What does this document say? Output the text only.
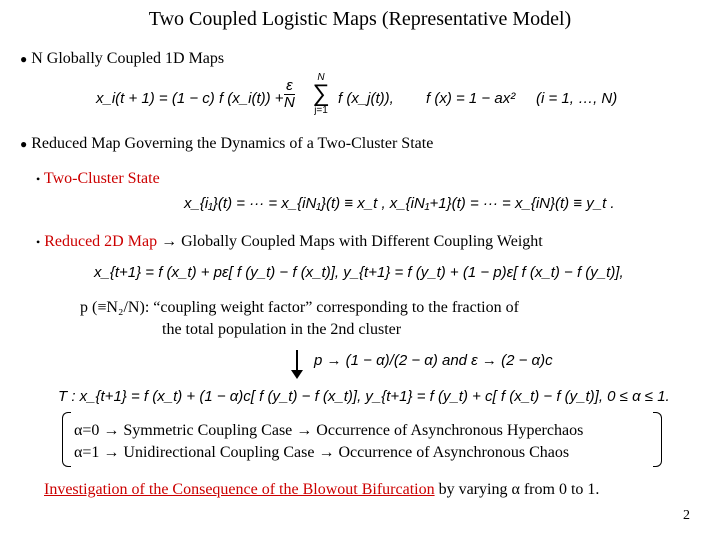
Two Coupled Logistic Maps (Representative Model)
● N Globally Coupled 1D Maps
x_i(t + 1) = (1 − c) f (x_i(t)) + $\frac{\varepsilon}{N}$
N
∑
j=1
f (x_j(t)), f (x) = 1 − ax² (i = 1, …, N)
● Reduced Map Governing the Dynamics of a Two-Cluster State
• Two-Cluster State
x_{i₁}(t) = ··· = x_{iN₁}(t) ≡ x_t , x_{iN₁+1}(t) = ··· = x_{iN}(t) ≡ y_t .
• Reduced 2D Map → Globally Coupled Maps with Different Coupling Weight
x_{t+1} = f (x_t) + pε[ f (y_t) − f (x_t)], y_{t+1} = f (y_t) + (1 − p)ε[ f (x_t) − f (y_t)],
p (≡N₂/N): “coupling weight factor” corresponding to the fraction of
the total population in the 2nd cluster
p → (1 − α)/(2 − α) and ε → (2 − α)c
T : x_{t+1} = f (x_t) + (1 − α)c[ f (y_t) − f (x_t)], y_{t+1} = f (y_t) + c[ f (x_t) − f (y_t)], 0 ≤ α ≤ 1.
α=0 → Symmetric Coupling Case → Occurrence of Asynchronous Hyperchaos
α=1 → Unidirectional Coupling Case → Occurrence of Asynchronous Chaos
Investigation of the Consequence of the Blowout Bifurcation by varying α from 0 to 1.
2
